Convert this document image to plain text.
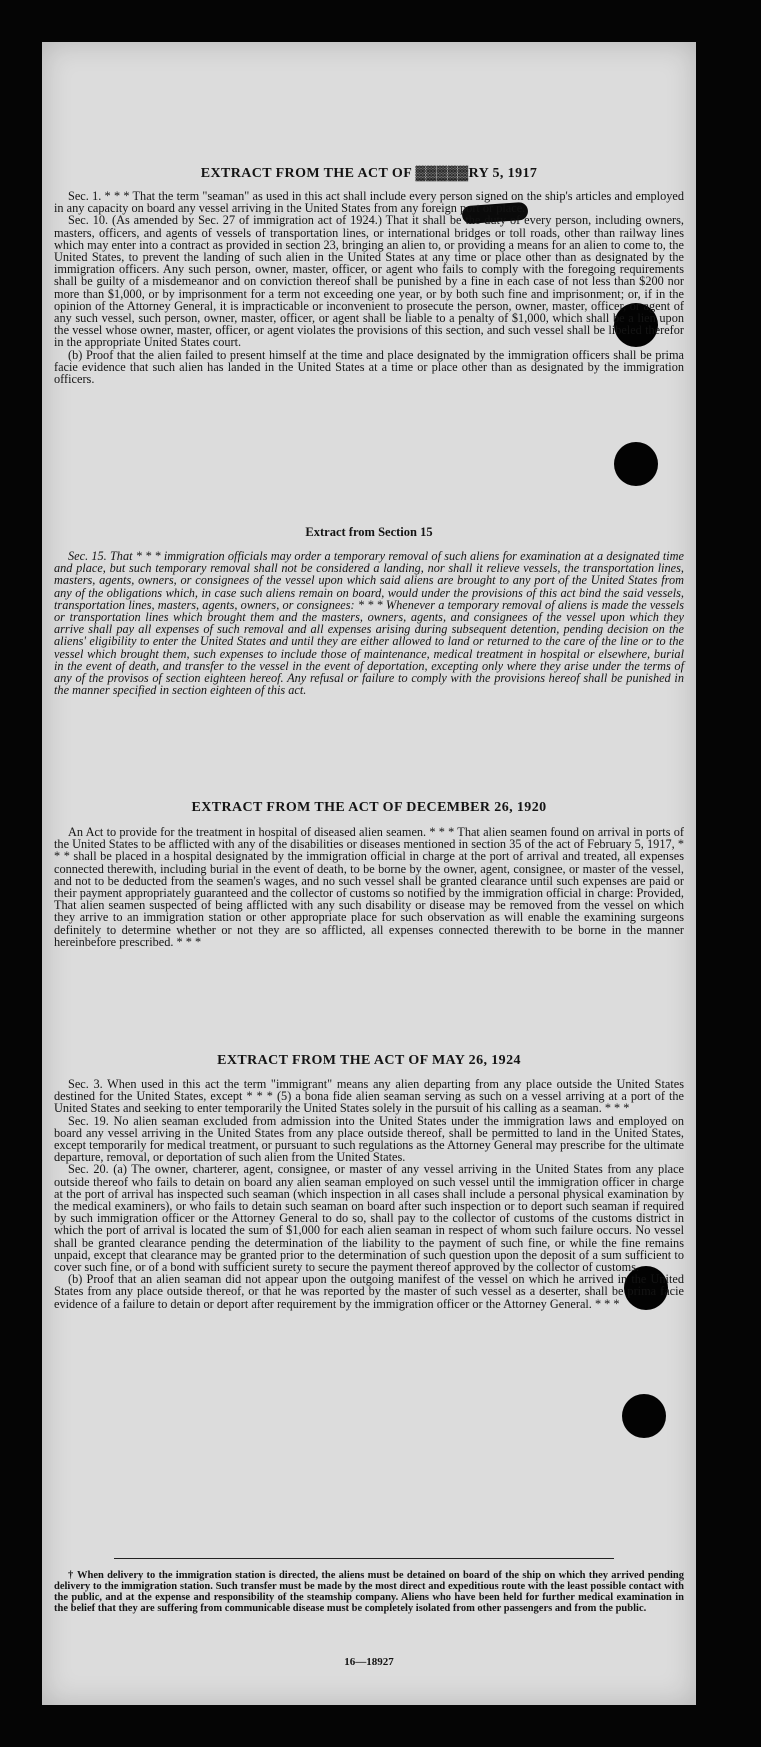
EXTRACT FROM THE ACT OF ▓▓▓▓▓RY 5, 1917

Sec. 1. * * * That the term "seaman" as used in this act shall include every person signed on the ship's articles and employed in any capacity on board any vessel arriving in the United States from any foreign port or place.

Sec. 10. (As amended by Sec. 27 of immigration act of 1924.) That it shall be the duty of every person, including owners, masters, officers, and agents of vessels of transportation lines, or international bridges or toll roads, other than railway lines which may enter into a contract as provided in section 23, bringing an alien to, or providing a means for an alien to come to, the United States, to prevent the landing of such alien in the United States at any time or place other than as designated by the immigration officers. Any such person, owner, master, officer, or agent who fails to comply with the foregoing requirements shall be guilty of a misdemeanor and on conviction thereof shall be punished by a fine in each case of not less than $200 nor more than $1,000, or by imprisonment for a term not exceeding one year, or by both such fine and imprisonment; or, if in the opinion of the Attorney General, it is impracticable or inconvenient to prosecute the person, owner, master, officer, or agent of any such vessel, such person, owner, master, officer, or agent shall be liable to a penalty of $1,000, which shall be a lien upon the vessel whose owner, master, officer, or agent violates the provisions of this section, and such vessel shall be libeled therefor in the appropriate United States court.

(b) Proof that the alien failed to present himself at the time and place designated by the immigration officers shall be prima facie evidence that such alien has landed in the United States at a time or place other than as designated by the immigration officers.

Extract from Section 15

Sec. 15. That * * * immigration officials may order a temporary removal of such aliens for examination at a designated time and place, but such temporary removal shall not be considered a landing, nor shall it relieve vessels, the transportation lines, masters, agents, owners, or consignees of the vessel upon which said aliens are brought to any port of the United States from any of the obligations which, in case such aliens remain on board, would under the provisions of this act bind the said vessels, transportation lines, masters, agents, owners, or consignees: * * * Whenever a temporary removal of aliens is made the vessels or transportation lines which brought them and the masters, owners, agents, and consignees of the vessel upon which they arrive shall pay all expenses of such removal and all expenses arising during subsequent detention, pending decision on the aliens' eligibility to enter the United States and until they are either allowed to land or returned to the care of the line or to the vessel which brought them, such expenses to include those of maintenance, medical treatment in hospital or elsewhere, burial in the event of death, and transfer to the vessel in the event of deportation, excepting only where they arise under the terms of any of the provisos of section eighteen hereof. Any refusal or failure to comply with the provisions hereof shall be punished in the manner specified in section eighteen of this act.

EXTRACT FROM THE ACT OF DECEMBER 26, 1920

An Act to provide for the treatment in hospital of diseased alien seamen. * * * That alien seamen found on arrival in ports of the United States to be afflicted with any of the disabilities or diseases mentioned in section 35 of the act of February 5, 1917, * * * shall be placed in a hospital designated by the immigration official in charge at the port of arrival and treated, all expenses connected therewith, including burial in the event of death, to be borne by the owner, agent, consignee, or master of the vessel, and not to be deducted from the seamen's wages, and no such vessel shall be granted clearance until such expenses are paid or their payment appropriately guaranteed and the collector of customs so notified by the immigration official in charge: Provided, That alien seamen suspected of being afflicted with any such disability or disease may be removed from the vessel on which they arrive to an immigration station or other appropriate place for such observation as will enable the examining surgeons definitely to determine whether or not they are so afflicted, all expenses connected therewith to be borne in the manner hereinbefore prescribed. * * *

EXTRACT FROM THE ACT OF MAY 26, 1924

Sec. 3. When used in this act the term "immigrant" means any alien departing from any place outside the United States destined for the United States, except * * * (5) a bona fide alien seaman serving as such on a vessel arriving at a port of the United States and seeking to enter temporarily the United States solely in the pursuit of his calling as a seaman. * * *

Sec. 19. No alien seaman excluded from admission into the United States under the immigration laws and employed on board any vessel arriving in the United States from any place outside thereof, shall be permitted to land in the United States, except temporarily for medical treatment, or pursuant to such regulations as the Attorney General may prescribe for the ultimate departure, removal, or deportation of such alien from the United States.

Sec. 20. (a) The owner, charterer, agent, consignee, or master of any vessel arriving in the United States from any place outside thereof who fails to detain on board any alien seaman employed on such vessel until the immigration officer in charge at the port of arrival has inspected such seaman (which inspection in all cases shall include a personal physical examination by the medical examiners), or who fails to detain such seaman on board after such inspection or to deport such seaman if required by such immigration officer or the Attorney General to do so, shall pay to the collector of customs of the customs district in which the port of arrival is located the sum of $1,000 for each alien seaman in respect of whom such failure occurs. No vessel shall be granted clearance pending the determination of the liability to the payment of such fine, or while the fine remains unpaid, except that clearance may be granted prior to the determination of such question upon the deposit of a sum sufficient to cover such fine, or of a bond with sufficient surety to secure the payment thereof approved by the collector of customs.

(b) Proof that an alien seaman did not appear upon the outgoing manifest of the vessel on which he arrived in the United States from any place outside thereof, or that he was reported by the master of such vessel as a deserter, shall be prima facie evidence of a failure to detain or deport after requirement by the immigration officer or the Attorney General. * * *

† When delivery to the immigration station is directed, the aliens must be detained on board of the ship on which they arrived pending delivery to the immigration station. Such transfer must be made by the most direct and expeditious route with the least possible contact with the public, and at the expense and responsibility of the steamship company. Aliens who have been held for further medical examination in the belief that they are suffering from communicable disease must be completely isolated from other passengers and from the public.

16—18927
